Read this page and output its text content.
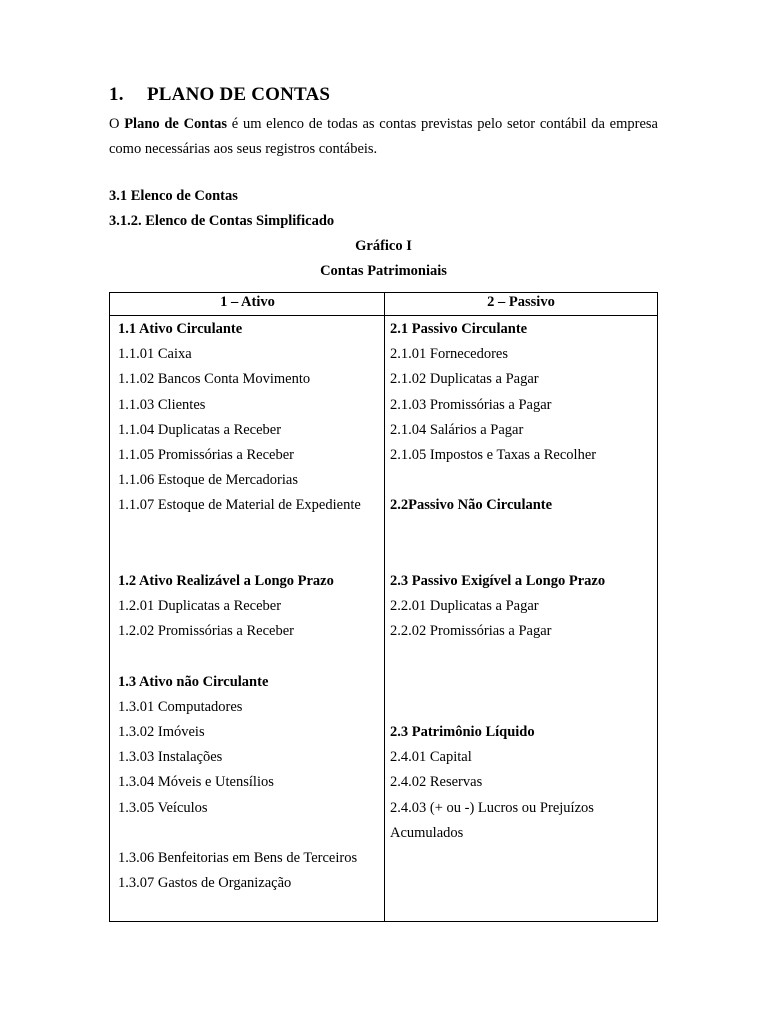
1. PLANO DE CONTAS
O Plano de Contas é um elenco de todas as contas previstas pelo setor contábil da empresa como necessárias aos seus registros contábeis.
3.1 Elenco de Contas
3.1.2. Elenco de Contas Simplificado
Gráfico I
Contas Patrimoniais
1 – Ativo	2 – Passivo
1.1 Ativo Circulante
1.1.01 Caixa
1.1.02 Bancos Conta Movimento
1.1.03 Clientes
1.1.04 Duplicatas a Receber
1.1.05 Promissórias a Receber
1.1.06 Estoque de Mercadorias
1.1.07 Estoque de Material de Expediente
1.2 Ativo Realizável a Longo Prazo
1.2.01 Duplicatas a Receber
1.2.02 Promissórias a Receber
1.3 Ativo não Circulante
1.3.01 Computadores
1.3.02 Imóveis
1.3.03 Instalações
1.3.04 Móveis e Utensílios
1.3.05 Veículos
1.3.06 Benfeitorias em Bens de Terceiros
1.3.07 Gastos de Organização
2.1 Passivo Circulante
2.1.01 Fornecedores
2.1.02 Duplicatas a Pagar
2.1.03 Promissórias a Pagar
2.1.04 Salários a Pagar
2.1.05 Impostos e Taxas a Recolher
2.2Passivo Não Circulante
2.3 Passivo Exigível a Longo Prazo
2.2.01 Duplicatas a Pagar
2.2.02 Promissórias a Pagar
2.3 Patrimônio Líquido
2.4.01 Capital
2.4.02 Reservas
2.4.03 (+ ou -) Lucros ou Prejuízos
Acumulados
